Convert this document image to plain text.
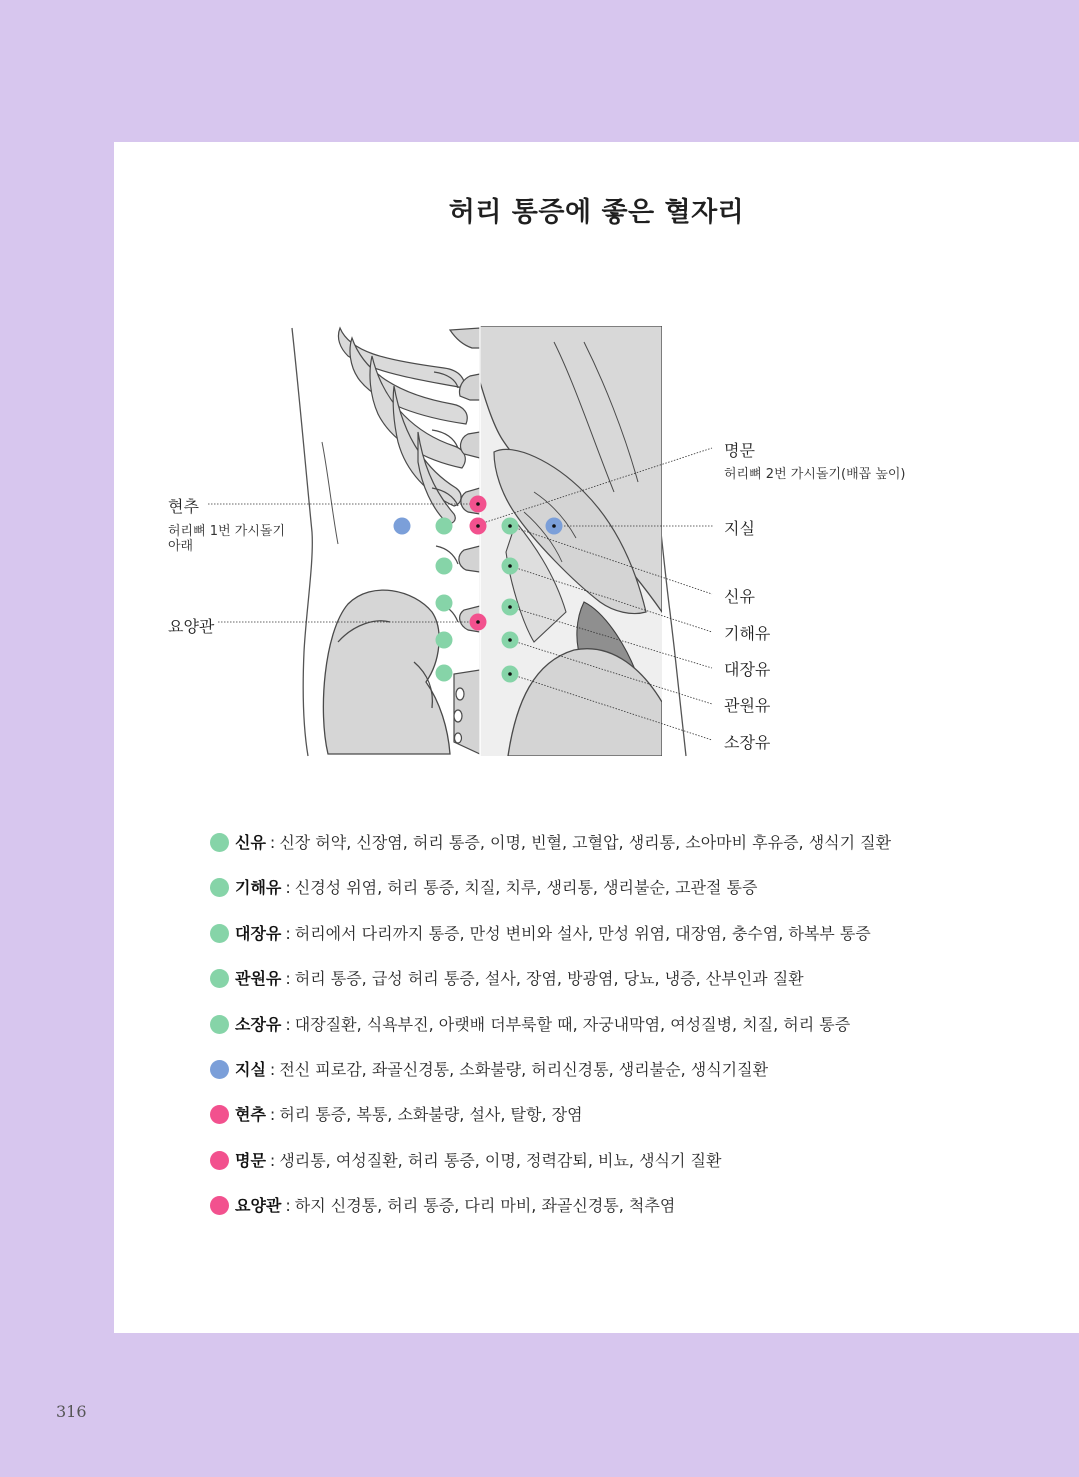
허리 통증에 좋은 혈자리
현추
허리뼈 1번 가시돌기 아래
요양관
명문
허리뼈 2번 가시돌기(배꼽 높이)
지실
신유
기해유
대장유
관원유
소장유
신유 : 신장 허약, 신장염, 허리 통증, 이명, 빈혈, 고혈압, 생리통, 소아마비 후유증, 생식기 질환
기해유 : 신경성 위염, 허리 통증, 치질, 치루, 생리통, 생리불순, 고관절 통증
대장유 : 허리에서 다리까지 통증, 만성 변비와 설사, 만성 위염, 대장염, 충수염, 하복부 통증
관원유 : 허리 통증, 급성 허리 통증, 설사, 장염, 방광염, 당뇨, 냉증, 산부인과 질환
소장유 : 대장질환, 식욕부진, 아랫배 더부룩할 때, 자궁내막염, 여성질병, 치질, 허리 통증
지실 : 전신 피로감, 좌골신경통, 소화불량, 허리신경통, 생리불순, 생식기질환
현추 : 허리 통증, 복통, 소화불량, 설사, 탈항, 장염
명문 : 생리통, 여성질환, 허리 통증, 이명, 정력감퇴, 비뇨, 생식기 질환
요양관 : 하지 신경통, 허리 통증, 다리 마비, 좌골신경통, 척추염
316
